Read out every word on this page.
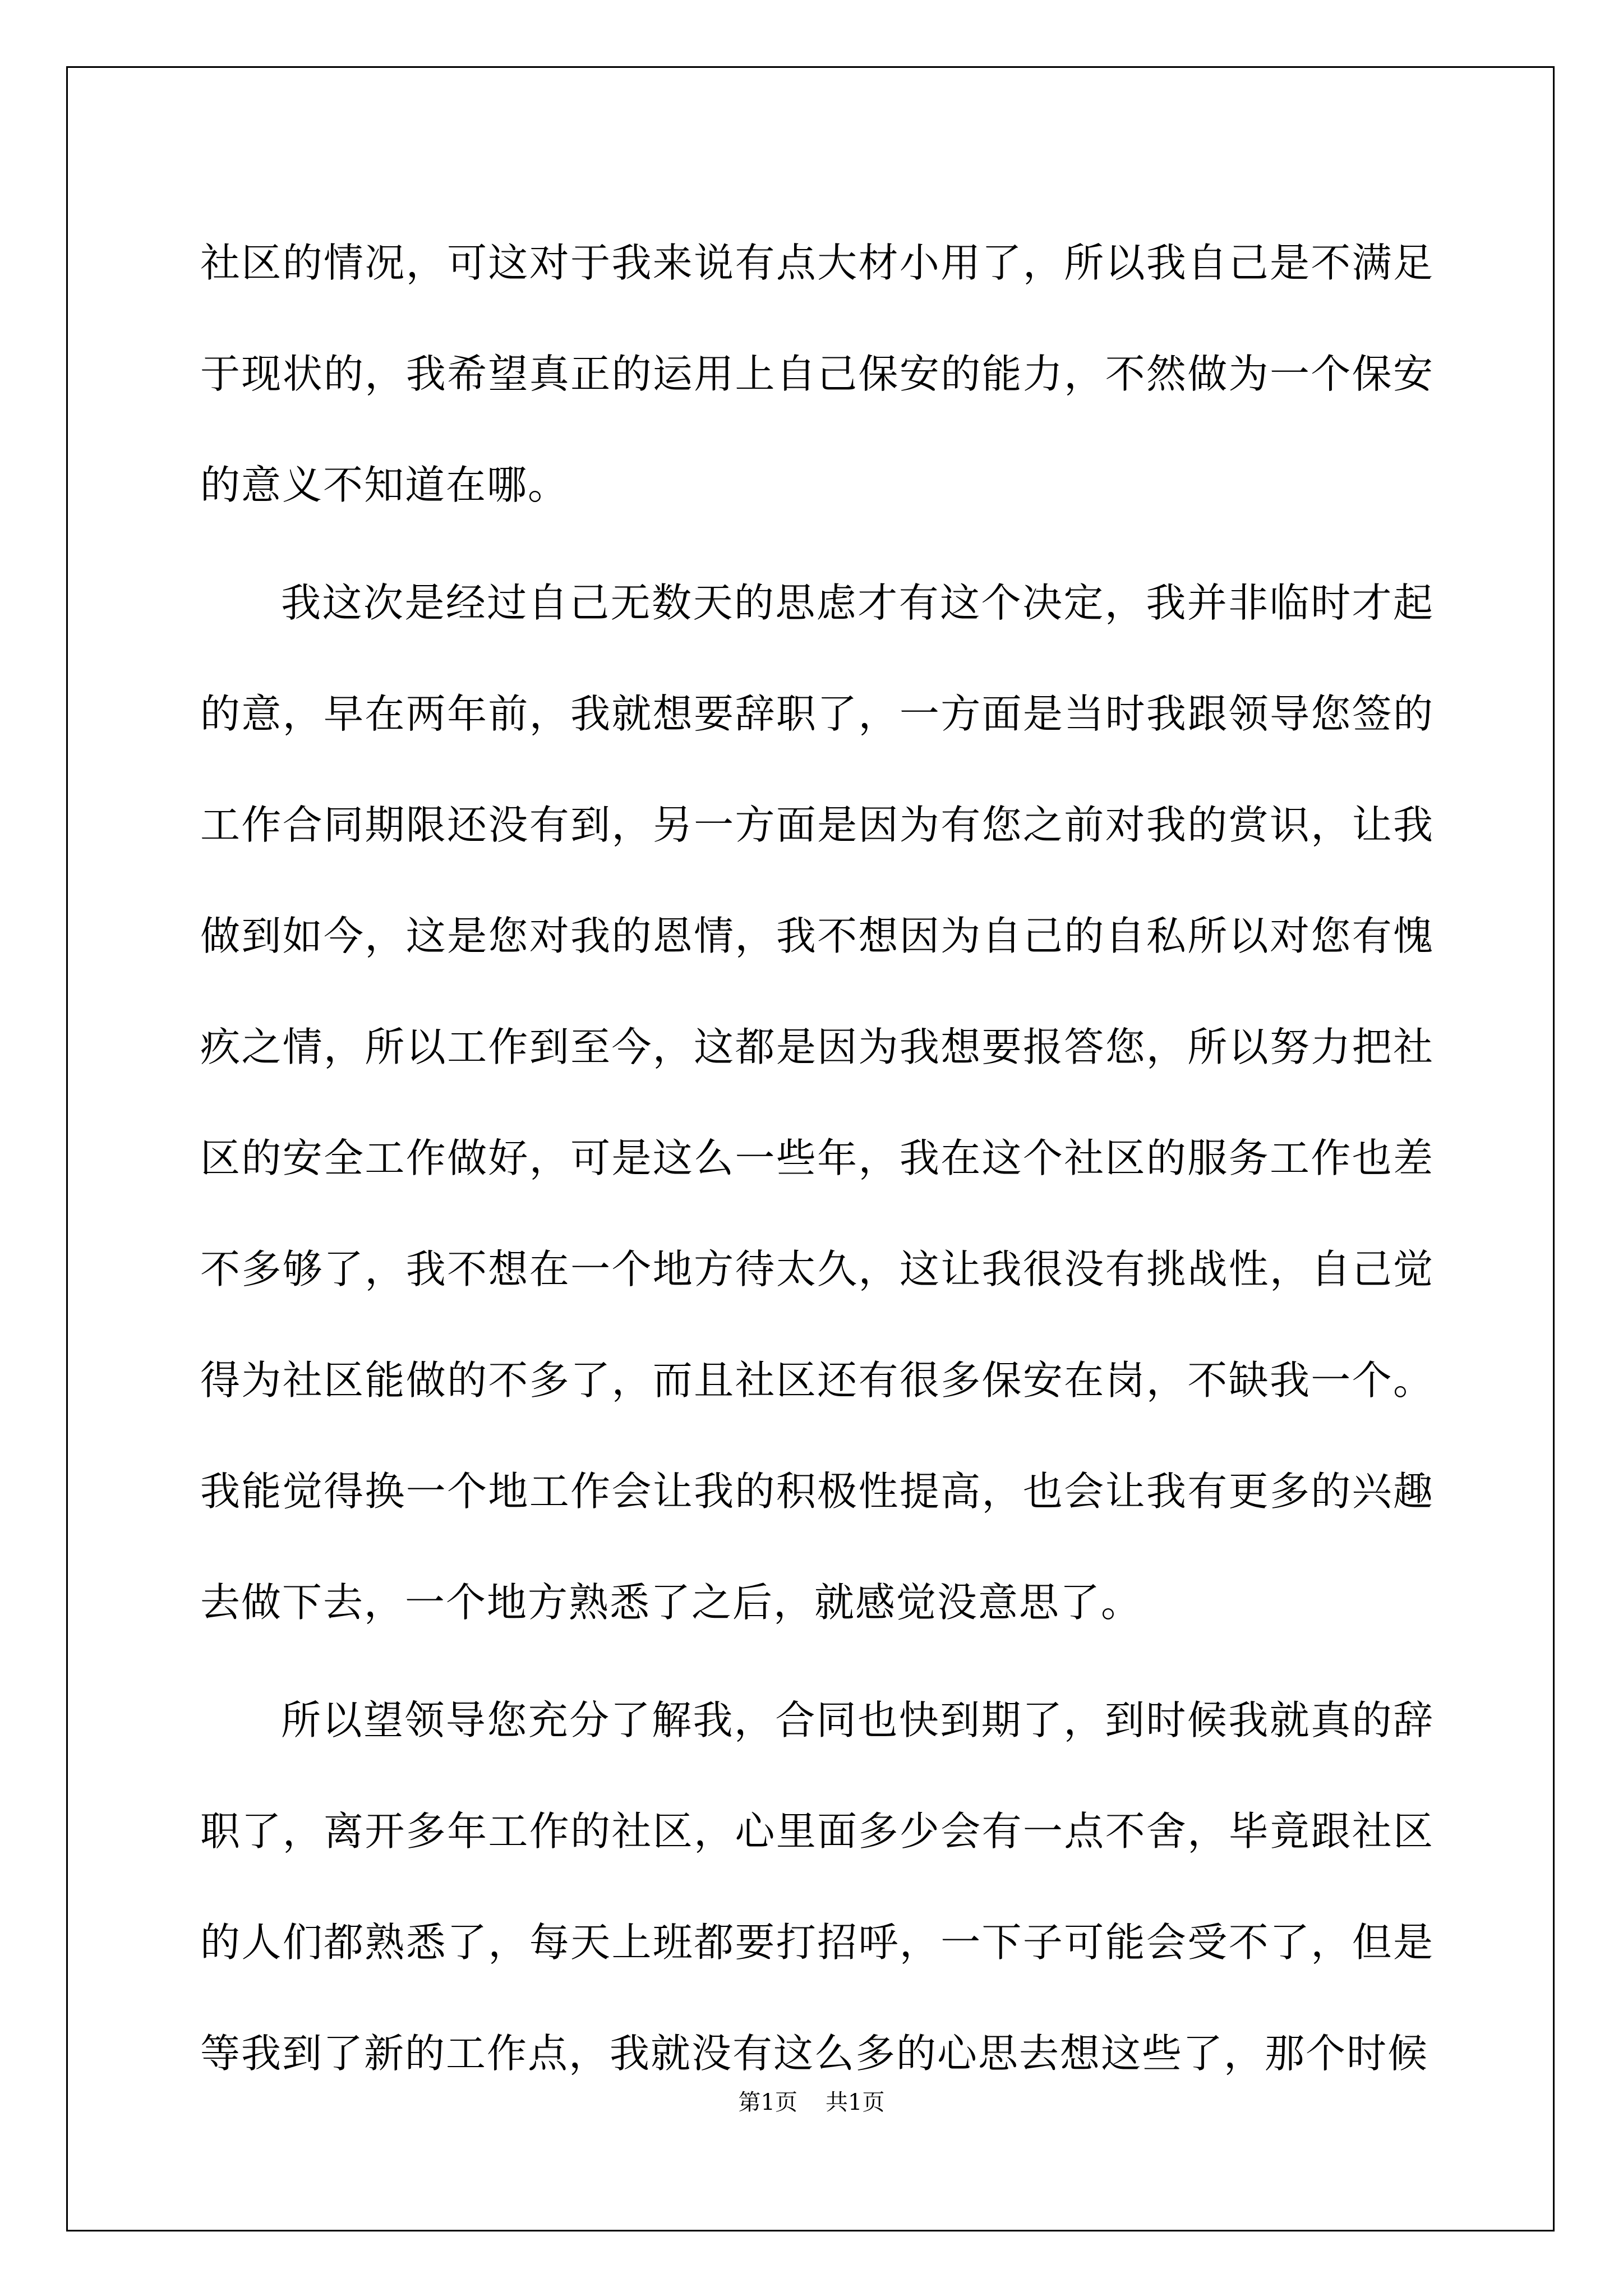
社区的情况，可这对于我来说有点大材小用了，所以我自己是不满足
于现状的，我希望真正的运用上自己保安的能力，不然做为一个保安
的意义不知道在哪。
我这次是经过自己无数天的思虑才有这个决定，我并非临时才起
的意，早在两年前，我就想要辞职了，一方面是当时我跟领导您签的
工作合同期限还没有到，另一方面是因为有您之前对我的赏识，让我
做到如今，这是您对我的恩情，我不想因为自己的自私所以对您有愧
疚之情，所以工作到至今，这都是因为我想要报答您，所以努力把社
区的安全工作做好，可是这么一些年，我在这个社区的服务工作也差
不多够了，我不想在一个地方待太久，这让我很没有挑战性，自己觉
得为社区能做的不多了，而且社区还有很多保安在岗，不缺我一个。
我能觉得换一个地工作会让我的积极性提高，也会让我有更多的兴趣
去做下去，一个地方熟悉了之后，就感觉没意思了。
所以望领导您充分了解我，合同也快到期了，到时候我就真的辞
职了，离开多年工作的社区，心里面多少会有一点不舍，毕竟跟社区
的人们都熟悉了，每天上班都要打招呼，一下子可能会受不了，但是
等我到了新的工作点，我就没有这么多的心思去想这些了，那个时候
第1页 共1页
